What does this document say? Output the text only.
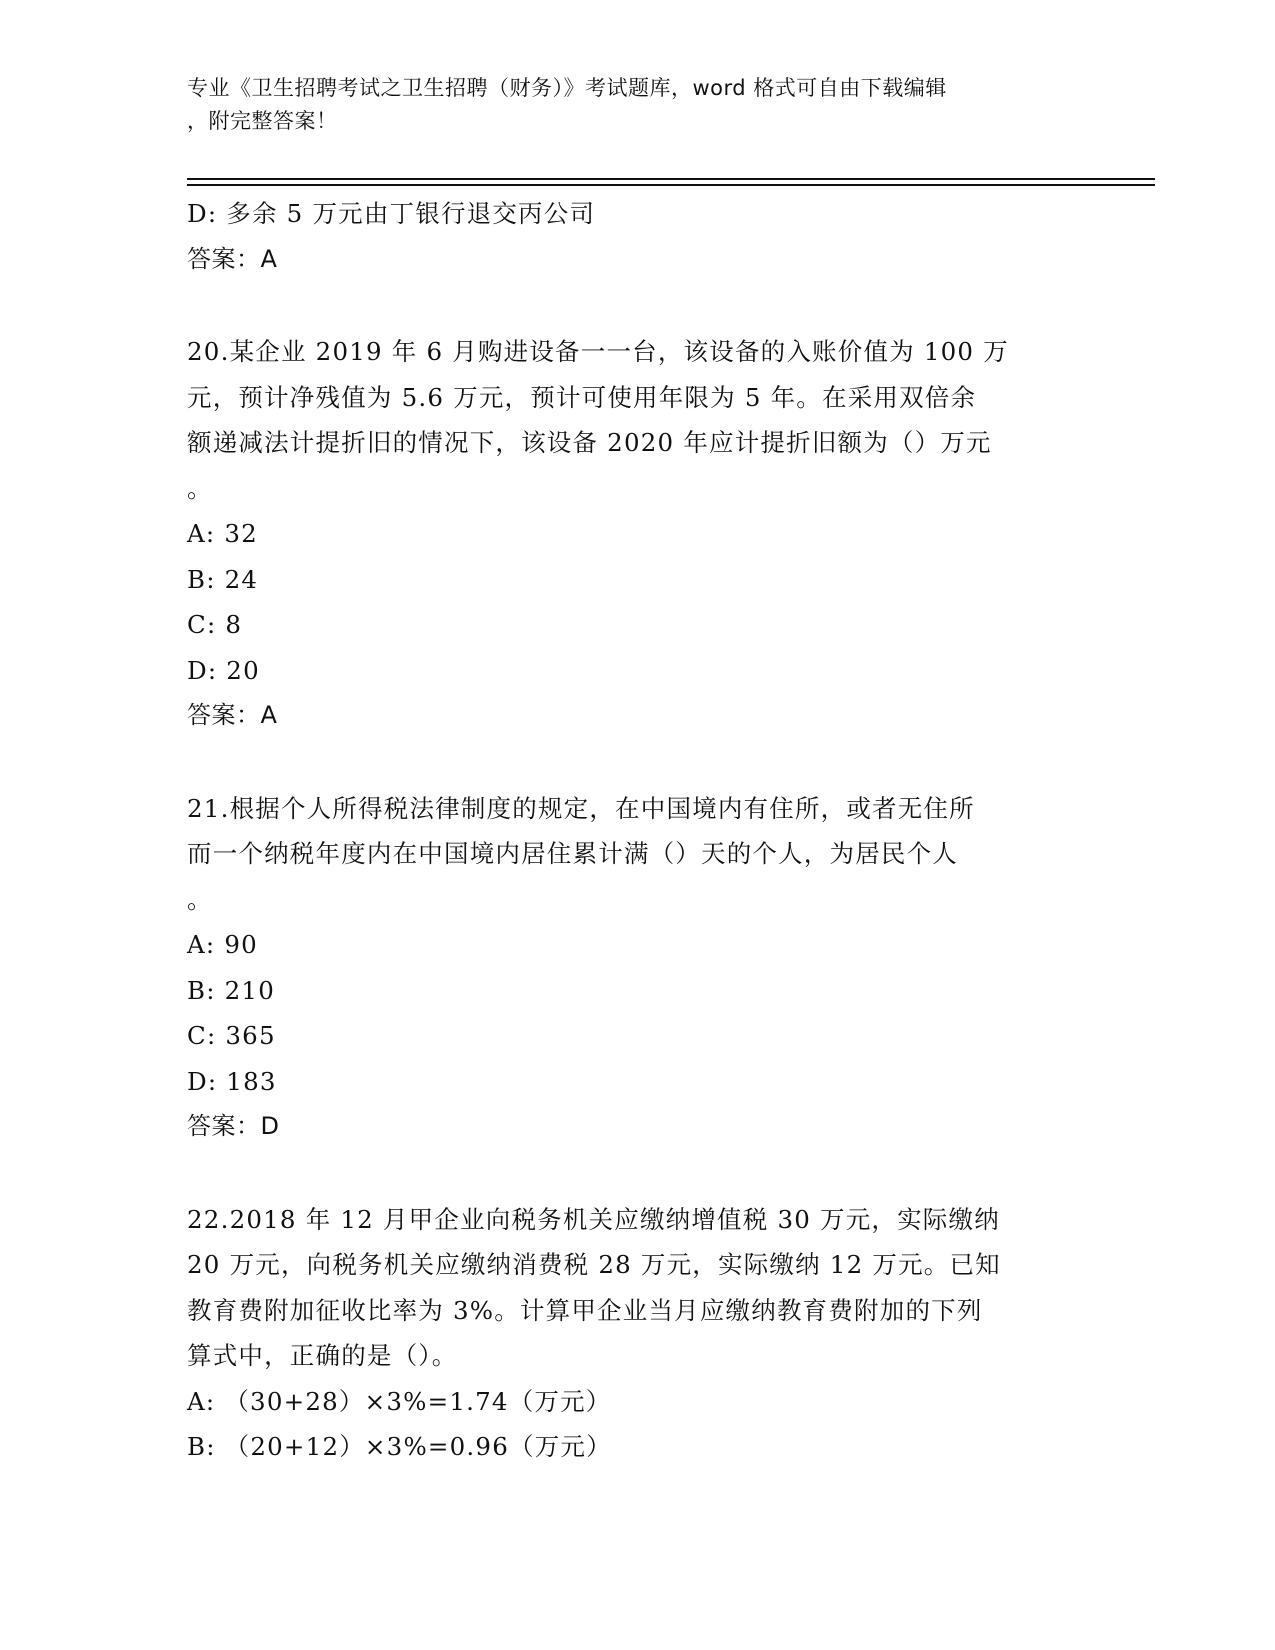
专业《卫生招聘考试之卫生招聘（财务）》考试题库，word 格式可自由下载编辑
，附完整答案！
D: 多余 5 万元由丁银行退交丙公司
答案：A
20.某企业 2019 年 6 月购进设备一一台，该设备的入账价值为 100 万
元，预计净残值为 5.6 万元，预计可使用年限为 5 年。在采用双倍余
额递减法计提折旧的情况下，该设备 2020 年应计提折旧额为（）万元
。
A: 32
B: 24
C: 8
D: 20
答案：A
21.根据个人所得税法律制度的规定，在中国境内有住所，或者无住所
而一个纳税年度内在中国境内居住累计满（）天的个人，为居民个人
。
A: 90
B: 210
C: 365
D: 183
答案：D
22.2018 年 12 月甲企业向税务机关应缴纳增值税 30 万元，实际缴纳
20 万元，向税务机关应缴纳消费税 28 万元，实际缴纳 12 万元。已知
教育费附加征收比率为 3%。计算甲企业当月应缴纳教育费附加的下列
算式中，正确的是（）。
A: （30+28）×3%=1.74（万元）
B: （20+12）×3%=0.96（万元）
